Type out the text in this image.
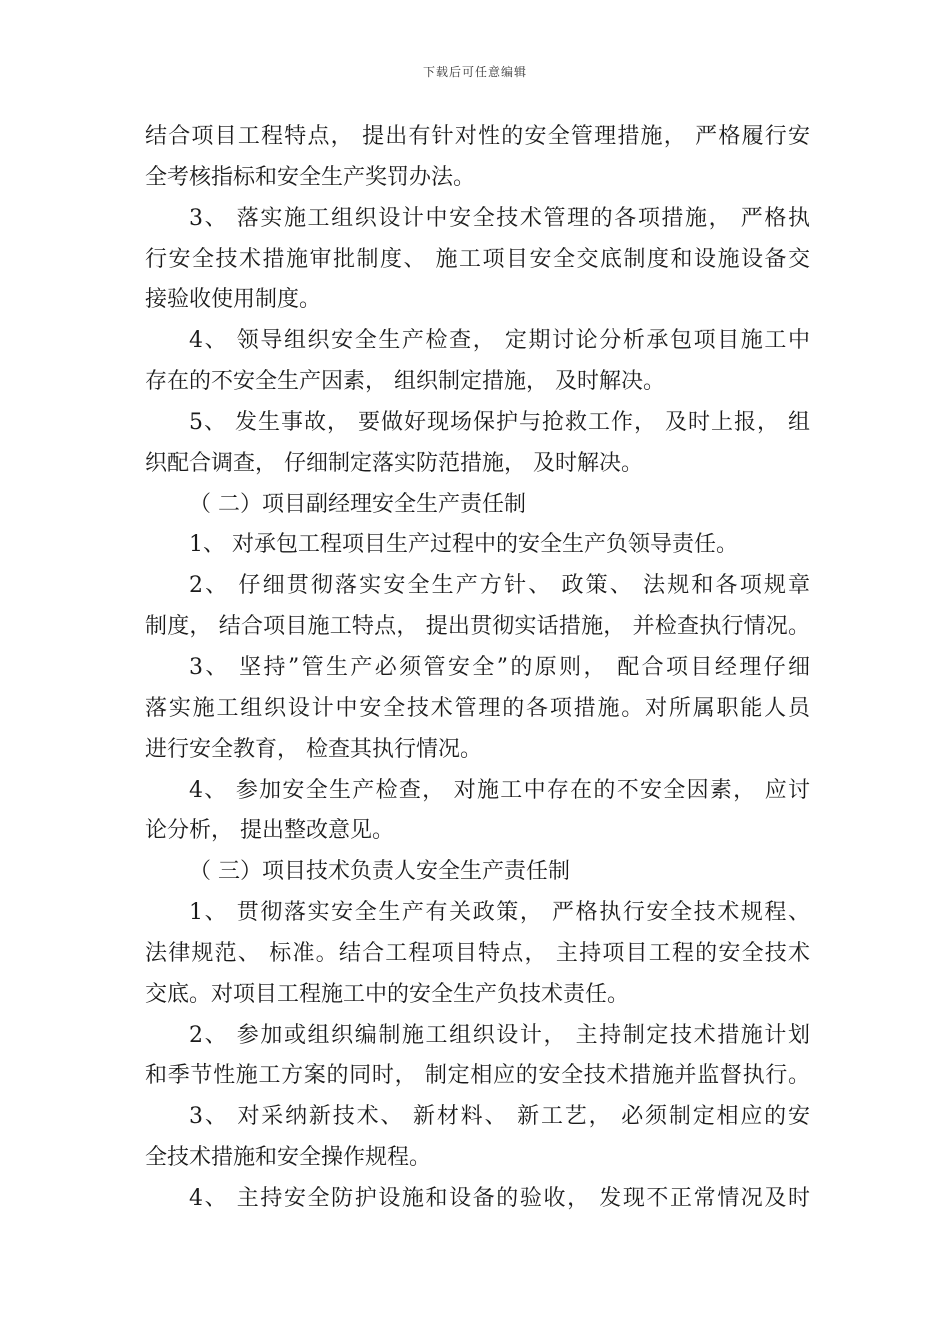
下载后可任意编辑
结合项目工程特点， 提出有针对性的安全管理措施， 严格履行安
全考核指标和安全生产奖罚办法。
3、 落实施工组织设计中安全技术管理的各项措施， 严格执
行安全技术措施审批制度、 施工项目安全交底制度和设施设备交
接验收使用制度。
4、 领导组织安全生产检查， 定期讨论分析承包项目施工中
存在的不安全生产因素， 组织制定措施， 及时解决。
5、 发生事故， 要做好现场保护与抢救工作， 及时上报， 组
织配合调查， 仔细制定落实防范措施， 及时解决。
（ 二）项目副经理安全生产责任制
1、 对承包工程项目生产过程中的安全生产负领导责任。
2、 仔细贯彻落实安全生产方针、 政策、 法规和各项规章
制度， 结合项目施工特点， 提出贯彻实话措施， 并检查执行情况。
3、 坚持”管生产必须管安全”的原则， 配合项目经理仔细
落实施工组织设计中安全技术管理的各项措施。对所属职能人员
进行安全教育， 检查其执行情况。
4、 参加安全生产检查， 对施工中存在的不安全因素， 应讨
论分析， 提出整改意见。
（ 三）项目技术负责人安全生产责任制
1、 贯彻落实安全生产有关政策， 严格执行安全技术规程、
法律规范、 标准。结合工程项目特点， 主持项目工程的安全技术
交底。对项目工程施工中的安全生产负技术责任。
2、 参加或组织编制施工组织设计， 主持制定技术措施计划
和季节性施工方案的同时， 制定相应的安全技术措施并监督执行。
3、 对采纳新技术、 新材料、 新工艺， 必须制定相应的安
全技术措施和安全操作规程。
4、 主持安全防护设施和设备的验收， 发现不正常情况及时
